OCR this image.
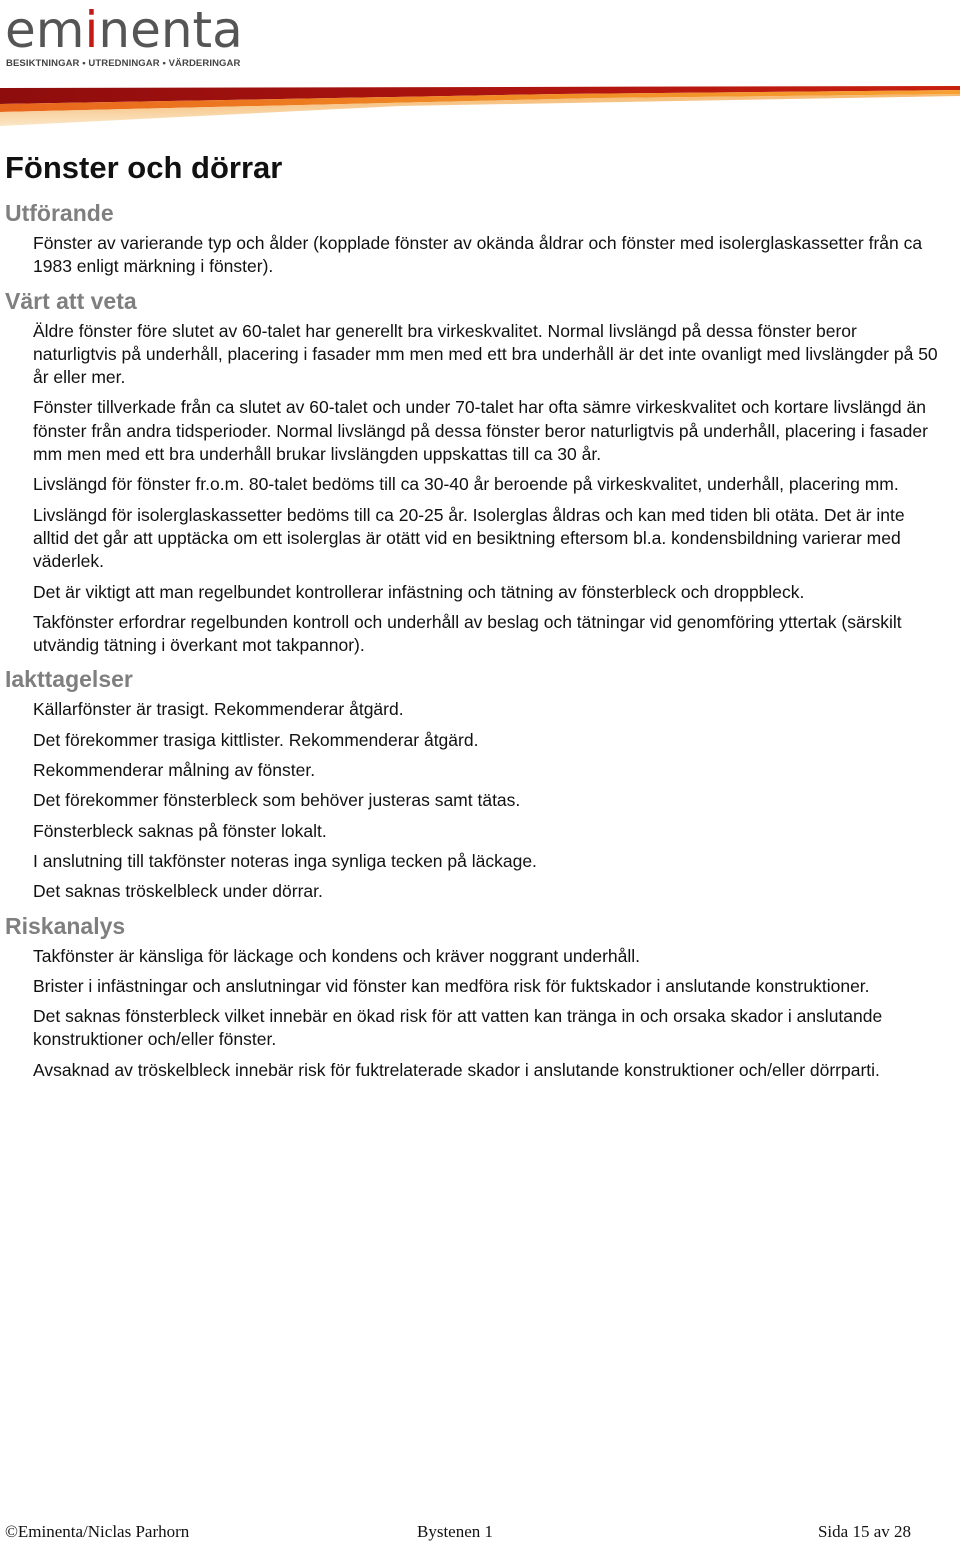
eminenta
BESIKTNINGAR • UTREDNINGAR • VÄRDERINGAR
Fönster och dörrar
Utförande

Fönster av varierande typ och ålder (kopplade fönster av okända åldrar och fönster med isolerglaskassetter från ca 1983 enligt märkning i fönster).

Värt att veta

Äldre fönster före slutet av 60-talet har generellt bra virkeskvalitet. Normal livslängd på dessa fönster beror naturligtvis på underhåll, placering i fasader mm men med ett bra underhåll är det inte ovanligt med livslängder på 50 år eller mer.

Fönster tillverkade från ca slutet av 60-talet och under 70-talet har ofta sämre virkeskvalitet och kortare livslängd än fönster från andra tidsperioder. Normal livslängd på dessa fönster beror naturligtvis på underhåll, placering i fasader mm men med ett bra underhåll brukar livslängden uppskattas till ca 30 år.

Livslängd för fönster fr.o.m. 80-talet bedöms till ca 30-40 år beroende på virkeskvalitet, underhåll, placering mm.

Livslängd för isolerglaskassetter bedöms till ca 20-25 år. Isolerglas åldras och kan med tiden bli otäta. Det är inte alltid det går att upptäcka om ett isolerglas är otätt vid en besiktning eftersom bl.a. kondensbildning varierar med väderlek.

Det är viktigt att man regelbundet kontrollerar infästning och tätning av fönsterbleck och droppbleck.

Takfönster erfordrar regelbunden kontroll och underhåll av beslag och tätningar vid genomföring yttertak (särskilt utvändig tätning i överkant mot takpannor).

Iakttagelser

Källarfönster är trasigt. Rekommenderar åtgärd.

Det förekommer trasiga kittlister. Rekommenderar åtgärd.

Rekommenderar målning av fönster.

Det förekommer fönsterbleck som behöver justeras samt tätas.

Fönsterbleck saknas på fönster lokalt.

I anslutning till takfönster noteras inga synliga tecken på läckage.

Det saknas tröskelbleck under dörrar.

Riskanalys

Takfönster är känsliga för läckage och kondens och kräver noggrant underhåll.

Brister i infästningar och anslutningar vid fönster kan medföra risk för fuktskador i anslutande konstruktioner.

Det saknas fönsterbleck vilket innebär en ökad risk för att vatten kan tränga in och orsaka skador i anslutande konstruktioner och/eller fönster.

Avsaknad av tröskelbleck innebär risk för fuktrelaterade skador i anslutande konstruktioner och/eller dörrparti.

©Eminenta/Niclas Parhorn	Bystenen 1	Sida 15 av 28
